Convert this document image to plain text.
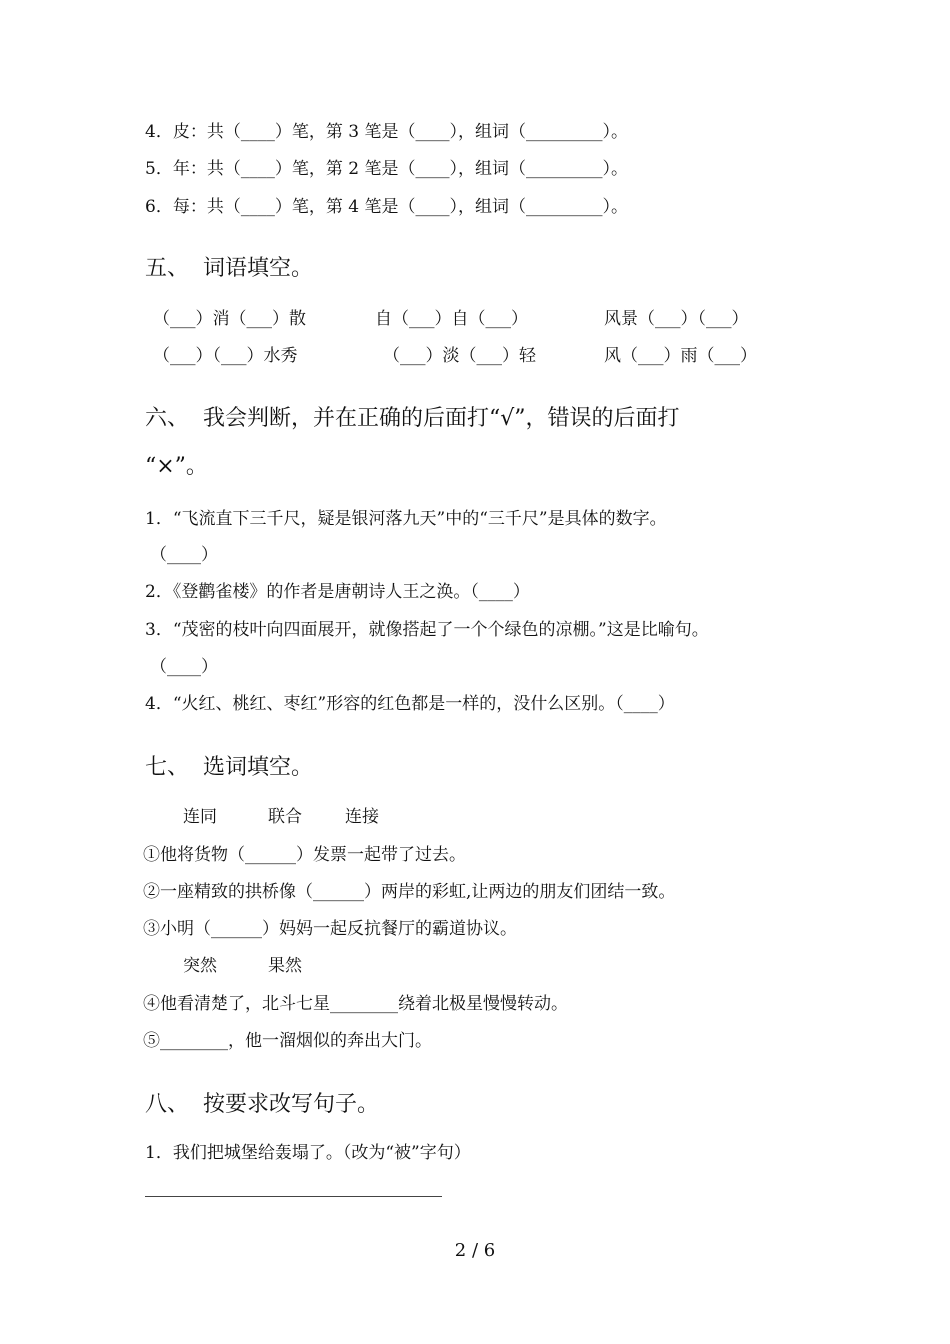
4．皮：共（____）笔，第 3 笔是（____），组词（_________）。
5．年：共（____）笔，第 2 笔是（____），组词（_________）。
6．每：共（____）笔，第 4 笔是（____），组词（_________）。
五、  词语填空。
（___）消（___）散	自（___）自（___）	风景（___）（___）
（___）（___）水秀	（___）淡（___）轻	风（___）雨（___）
六、  我会判断，并在正确的后面打“√”，错误的后面打
“×”。
1．“飞流直下三千尺，疑是银河落九天”中的“三千尺”是具体的数字。
（____）
2．《登鹳雀楼》的作者是唐朝诗人王之涣。（____）
3．“茂密的枝叶向四面展开，就像搭起了一个个绿色的凉棚。”这是比喻句。
（____）
4．“火红、桃红、枣红”形容的红色都是一样的，没什么区别。（____）
七、  选词填空。
连同	联合	连接
①他将货物（______）发票一起带了过去。
②一座精致的拱桥像（______）两岸的彩虹,让两边的朋友们团结一致。
③小明（______）妈妈一起反抗餐厅的霸道协议。
突然	果然
④他看清楚了，北斗七星________绕着北极星慢慢转动。
⑤________，他一溜烟似的奔出大门。
八、  按要求改写句子。
1．我们把城堡给轰塌了。（改为“被”字句）
2 / 6
